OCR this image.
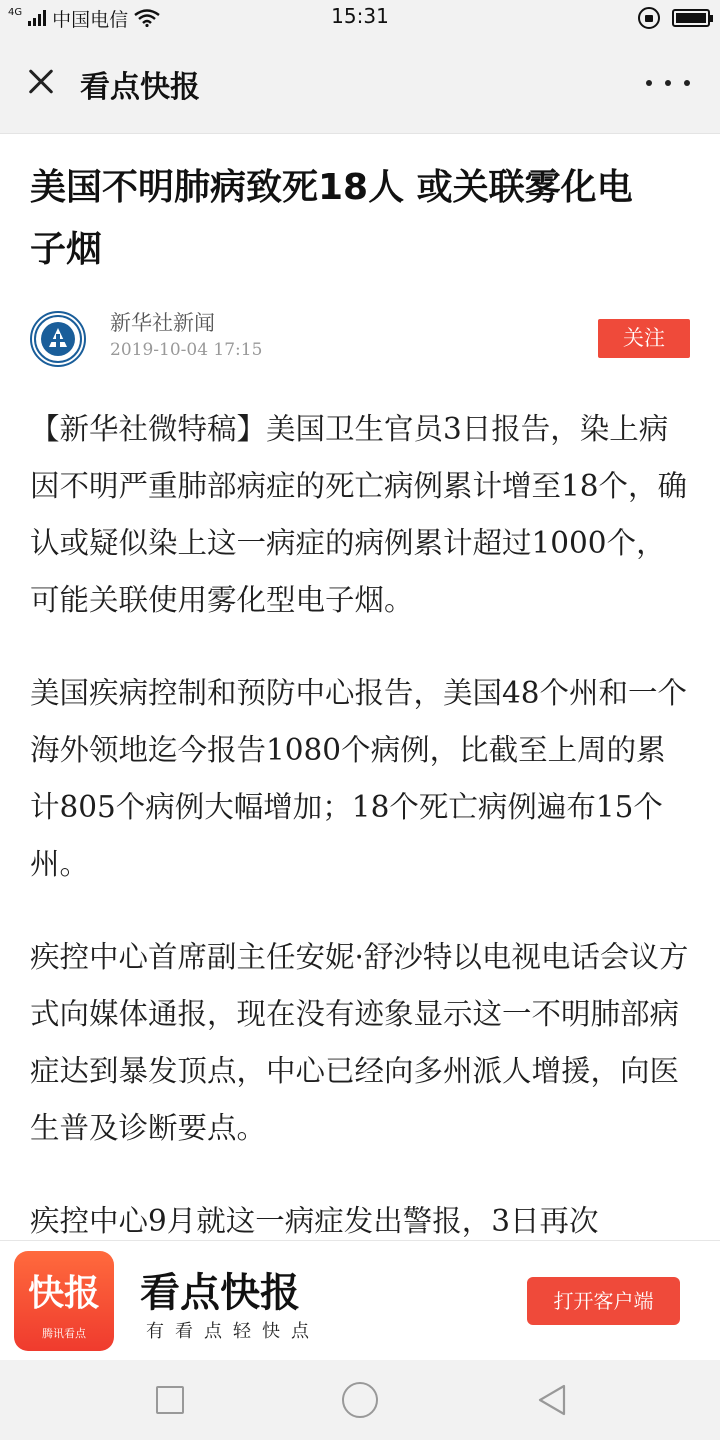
4G 中国电信	15:31
看点快报
美国不明肺病致死18人 或关联雾化电
子烟
新华社新闻
2019-10-04 17:15	关注

【新华社微特稿】美国卫生官员3日报告，染上病因不明严重肺部病症的死亡病例累计增至18个，确认或疑似染上这一病症的病例累计超过1000个，可能关联使用雾化型电子烟。

美国疾病控制和预防中心报告，美国48个州和一个海外领地迄今报告1080个病例，比截至上周的累计805个病例大幅增加；18个死亡病例遍布15个州。

疾控中心首席副主任安妮·舒沙特以电视电话会议方式向媒体通报，现在没有迹象显示这一不明肺部病症达到暴发顶点，中心已经向多州派人增援，向医生普及诊断要点。

疾控中心9月就这一病症发出警报，3日再次

快报
腾讯看点
看点快报
有看点轻快点
打开客户端
